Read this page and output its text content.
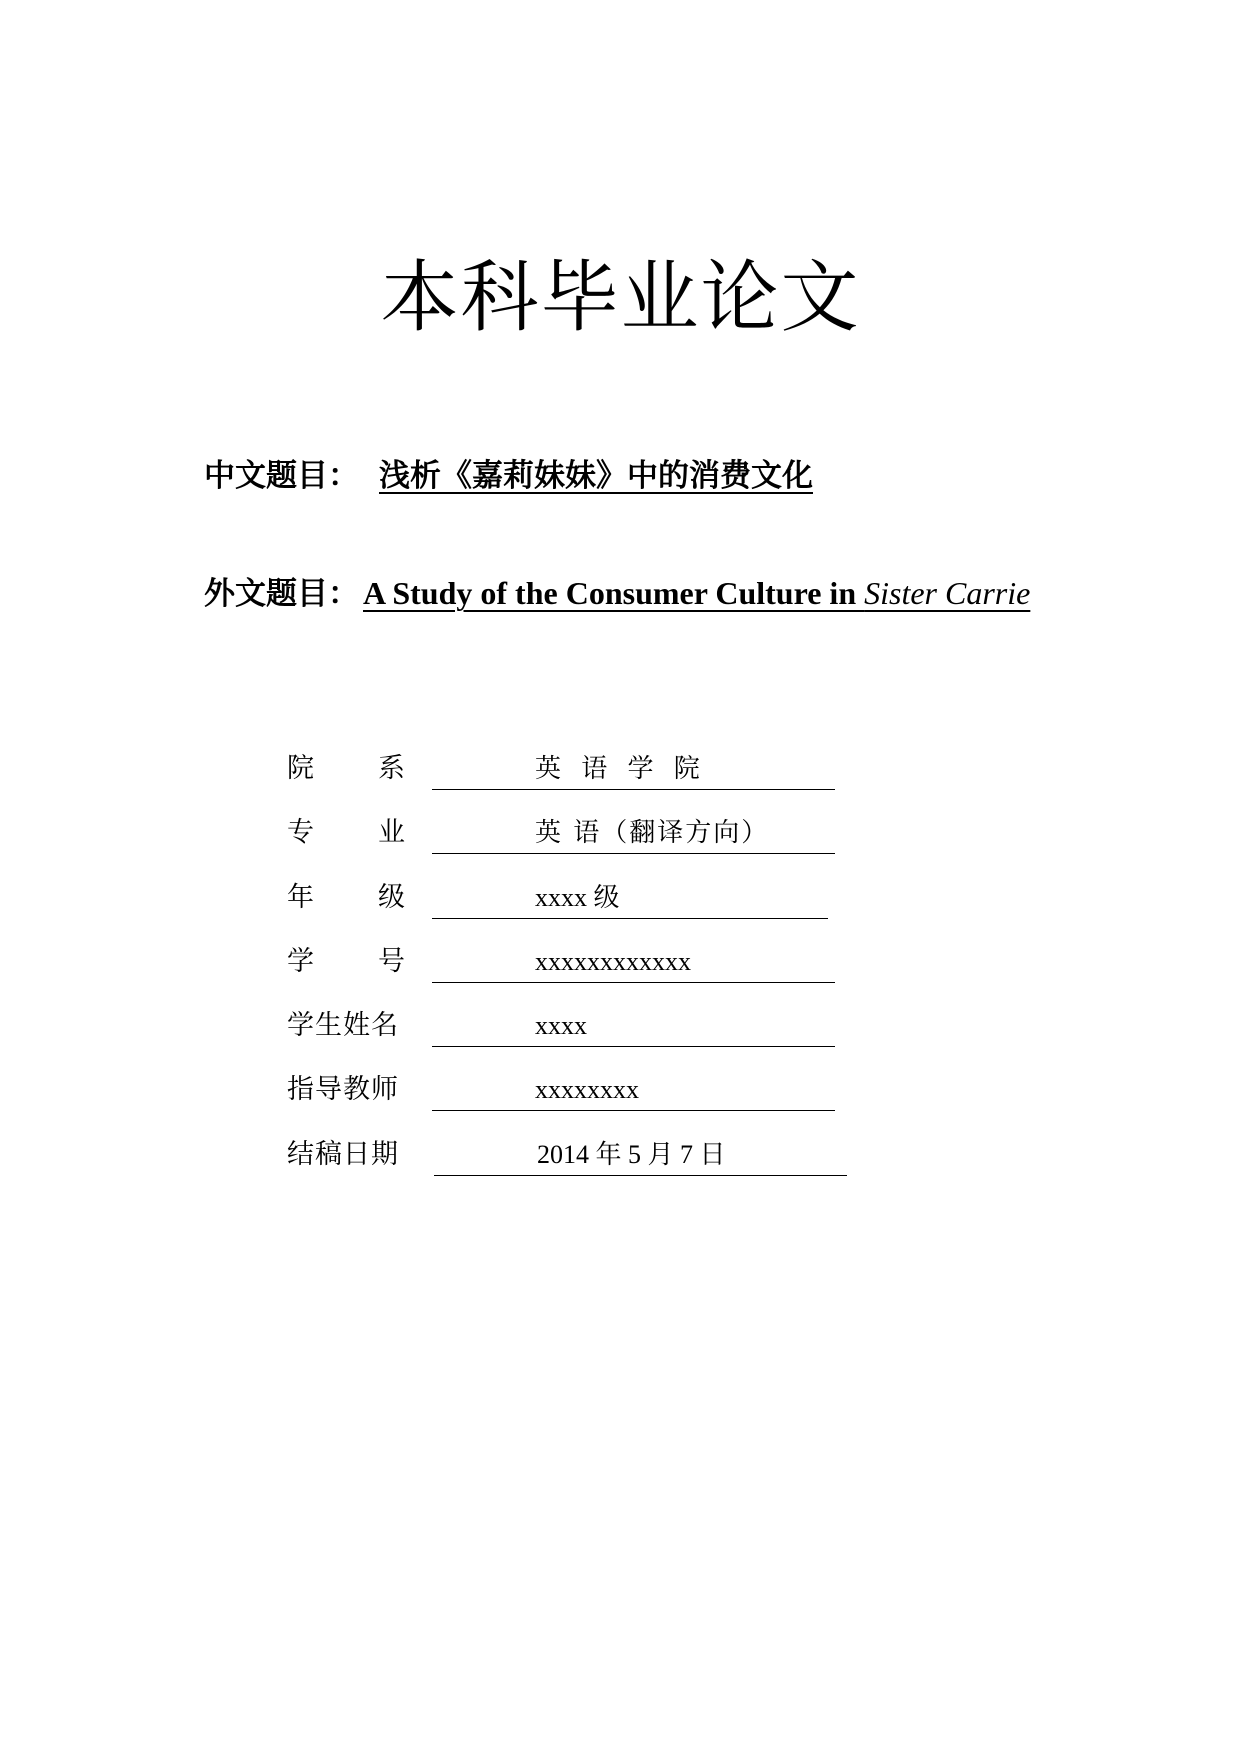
本科毕业论文
中文题目： 浅析《嘉莉妹妹》中的消费文化
外文题目： A Study of the Consumer Culture in Sister Carrie
院 系	英 语 学 院
专 业	英 语（翻译方向）
年 级	xxxx 级
学 号	xxxxxxxxxxxx
学生姓名	xxxx
指导教师	xxxxxxxx
结稿日期	2014 年 5 月 7 日
